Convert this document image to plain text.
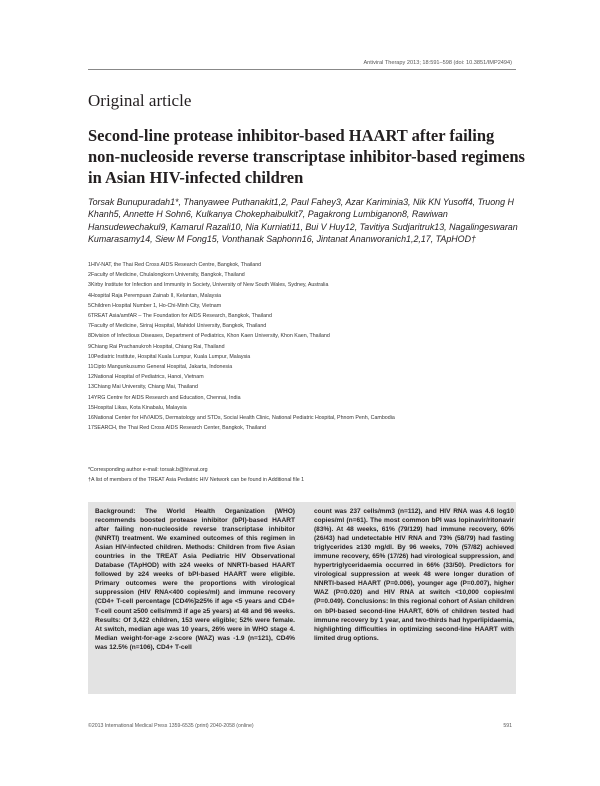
Antiviral Therapy 2013; 18:591–598 (doi: 10.3851/IMP2494)
Original article
Second-line protease inhibitor-based HAART after failing non-nucleoside reverse transcriptase inhibitor-based regimens in Asian HIV-infected children
Torsak Bunupuradah1*, Thanyawee Puthanakit1,2, Paul Fahey3, Azar Kariminia3, Nik KN Yusoff4, Truong H Khanh5, Annette H Sohn6, Kulkanya Chokephaibulkit7, Pagakrong Lumbiganon8, Rawiwan Hansudewechakul9, Kamarul Razali10, Nia Kurniati11, Bui V Huy12, Tavitiya Sudjaritruk13, Nagalingeswaran Kumarasamy14, Siew M Fong15, Vonthanak Saphonn16, Jintanat Ananworanich1,2,17, TApHOD†
1HIV-NAT, the Thai Red Cross AIDS Research Centre, Bangkok, Thailand
2Faculty of Medicine, Chulalongkorn University, Bangkok, Thailand
3Kirby Institute for Infection and Immunity in Society, University of New South Wales, Sydney, Australia
4Hospital Raja Perempuan Zainab II, Kelantan, Malaysia
5Children Hospital Number 1, Ho-Chi-Minh City, Vietnam
6TREAT Asia/amfAR – The Foundation for AIDS Research, Bangkok, Thailand
7Faculty of Medicine, Siriraj Hospital, Mahidol University, Bangkok, Thailand
8Division of Infectious Diseases, Department of Pediatrics, Khon Kaen University, Khon Kaen, Thailand
9Chiang Rai Prachanukroh Hospital, Chiang Rai, Thailand
10Pediatric Institute, Hospital Kuala Lumpur, Kuala Lumpur, Malaysia
11Cipto Mangunkusumo General Hospital, Jakarta, Indonesia
12National Hospital of Pediatrics, Hanoi, Vietnam
13Chiang Mai University, Chiang Mai, Thailand
14YRG Centre for AIDS Research and Education, Chennai, India
15Hospital Likas, Kota Kinabalu, Malaysia
16National Center for HIV/AIDS, Dermatology and STDs, Social Health Clinic, National Pediatric Hospital, Phnom Penh, Cambodia
17SEARCH, the Thai Red Cross AIDS Research Center, Bangkok, Thailand
*Corresponding author e-mail: torsak.b@hivnat.org
†A list of members of the TREAT Asia Pediatric HIV Network can be found in Additional file 1

Background: The World Health Organization (WHO) recommends boosted protease inhibitor (bPI)-based HAART after failing non-nucleoside reverse transcriptase inhibitor (NNRTI) treatment. We examined outcomes of this regimen in Asian HIV-infected children. Methods: Children from five Asian countries in the TREAT Asia Pediatric HIV Observational Database (TApHOD) with ≥24 weeks of NNRTI-based HAART followed by ≥24 weeks of bPI-based HAART were eligible. Primary outcomes were the proportions with virological suppression (HIV RNA<400 copies/ml) and immune recovery (CD4+ T-cell percentage [CD4%]≥25% if age <5 years and CD4+ T-cell count ≥500 cells/mm3 if age ≥5 years) at 48 and 96 weeks. Results: Of 3,422 children, 153 were eligible; 52% were female. At switch, median age was 10 years, 26% were in WHO stage 4. Median weight-for-age z-score (WAZ) was -1.9 (n=121), CD4% was 12.5% (n=106), CD4+ T-cell

count was 237 cells/mm3 (n=112), and HIV RNA was 4.6 log10 copies/ml (n=61). The most common bPI was lopinavir/ritonavir (83%). At 48 weeks, 61% (79/129) had immune recovery, 60% (26/43) had undetectable HIV RNA and 73% (58/79) had fasting triglycerides ≥130 mg/dl. By 96 weeks, 70% (57/82) achieved immune recovery, 65% (17/26) had virological suppression, and hypertriglyceridaemia occurred in 66% (33/50). Predictors for virological suppression at week 48 were longer duration of NNRTI-based HAART (P=0.006), younger age (P=0.007), higher WAZ (P=0.020) and HIV RNA at switch <10,000 copies/ml (P=0.049). Conclusions: In this regional cohort of Asian children on bPI-based second-line HAART, 60% of children tested had immune recovery by 1 year, and two-thirds had hyperlipidaemia, highlighting difficulties in optimizing second-line HAART with limited drug options.

©2013 International Medical Press 1359-6535 (print) 2040-2058 (online)	591
